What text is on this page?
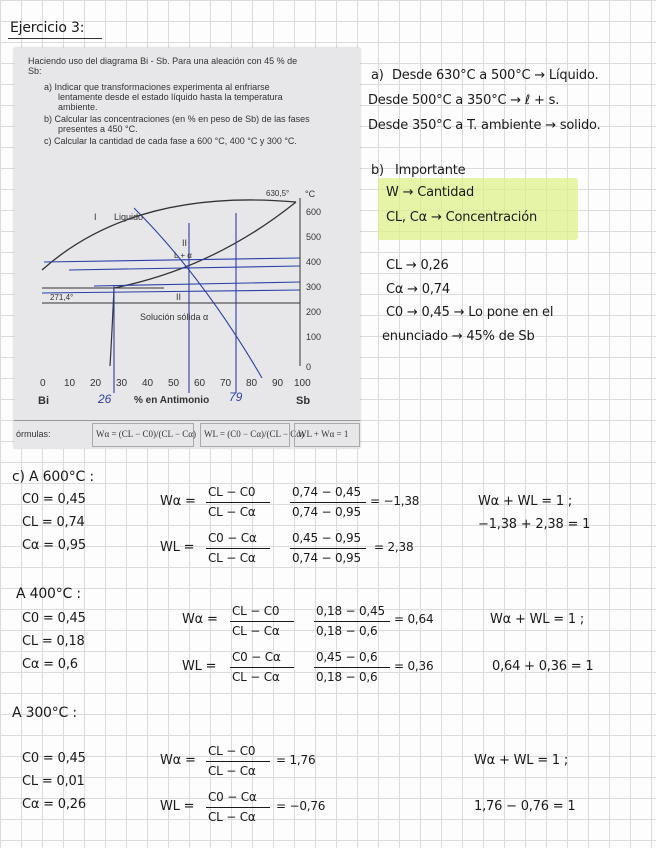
Ejercicio 3:
Haciendo uso del diagrama Bi - Sb. Para una aleación con 45 % de
Sb:
a) Indicar que transformaciones experimenta al enfriarse
lentamente desde el estado líquido hasta la temperatura
ambiente.
b) Calcular las concentraciones (en % en peso de Sb) de las fases
presentes a 450 °C.
c) Calcular la cantidad de cada fase a 600 °C, 400 °C y 300 °C.
I Liquido
II
L + α
II
Solución sólida α
630,5° °C
271,4°
600
500
400
300
200
100
0
0 10 20 30 40 50 60 70 80 90 100
Bi	Sb
% en Antimonio
26	79
órmulas:	Wα = (CL − C0)/(CL − Cα) WL = (C0 − Cα)/(CL − Cα)
WL + Wα = 1
a) Desde 630°C a 500°C → Líquido.
Desde 500°C a 350°C → ℓ + s.
Desde 350°C a T. ambiente → solido.
b) Importante
W → Cantidad
CL, Cα → Concentración
CL → 0,26
Cα → 0,74
C0 → 0,45 → Lo pone en el
enunciado → 45% de Sb
c) A 600°C :
C0 = 0,45
CL = 0,74
Cα = 0,95
Wα =
CL − C0
CL − Cα
0,74 − 0,45
0,74 − 0,95
= −1,38
WL =
C0 − Cα
CL − Cα
0,45 − 0,95
0,74 − 0,95
= 2,38
Wα + WL = 1 ;
−1,38 + 2,38 = 1
A 400°C :
C0 = 0,45
CL = 0,18
Cα = 0,6
Wα =
CL − C0
CL − Cα
0,18 − 0,45
0,18 − 0,6
= 0,64
WL =
C0 − Cα
CL − Cα
0,45 − 0,6
0,18 − 0,6
= 0,36
Wα + WL = 1 ;
0,64 + 0,36 = 1
A 300°C :
C0 = 0,45
CL = 0,01
Cα = 0,26
Wα =
CL − C0
CL − Cα
= 1,76
WL =
C0 − Cα
CL − Cα
= −0,76
Wα + WL = 1 ;
1,76 − 0,76 = 1
